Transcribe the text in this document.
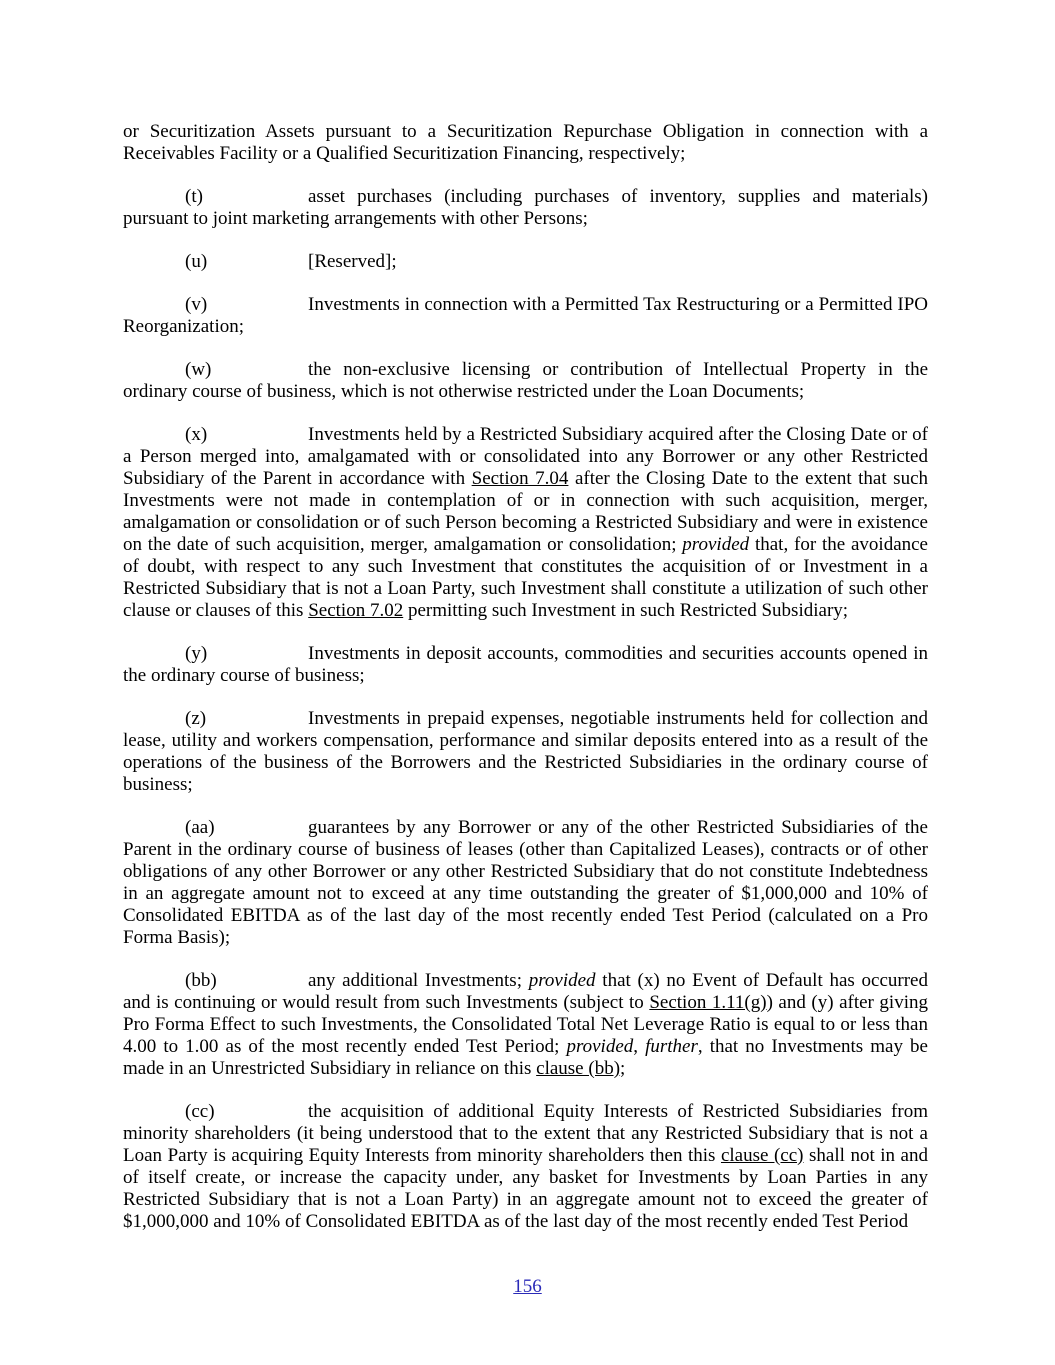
or Securitization Assets pursuant to a Securitization Repurchase Obligation in connection with a Receivables Facility or a Qualified Securitization Financing, respectively;

(t)	asset purchases (including purchases of inventory, supplies and materials) pursuant to joint marketing arrangements with other Persons;

(u)	[Reserved];

(v)	Investments in connection with a Permitted Tax Restructuring or a Permitted IPO Reorganization;

(w)	the non-exclusive licensing or contribution of Intellectual Property in the ordinary course of business, which is not otherwise restricted under the Loan Documents;

(x)	Investments held by a Restricted Subsidiary acquired after the Closing Date or of a Person merged into, amalgamated with or consolidated into any Borrower or any other Restricted Subsidiary of the Parent in accordance with Section 7.04 after the Closing Date to the extent that such Investments were not made in contemplation of or in connection with such acquisition, merger, amalgamation or consolidation or of such Person becoming a Restricted Subsidiary and were in existence on the date of such acquisition, merger, amalgamation or consolidation; provided that, for the avoidance of doubt, with respect to any such Investment that constitutes the acquisition of or Investment in a Restricted Subsidiary that is not a Loan Party, such Investment shall constitute a utilization of such other clause or clauses of this Section 7.02 permitting such Investment in such Restricted Subsidiary;

(y)	Investments in deposit accounts, commodities and securities accounts opened in the ordinary course of business;

(z)	Investments in prepaid expenses, negotiable instruments held for collection and lease, utility and workers compensation, performance and similar deposits entered into as a result of the operations of the business of the Borrowers and the Restricted Subsidiaries in the ordinary course of business;

(aa)	guarantees by any Borrower or any of the other Restricted Subsidiaries of the Parent in the ordinary course of business of leases (other than Capitalized Leases), contracts or of other obligations of any other Borrower or any other Restricted Subsidiary that do not constitute Indebtedness in an aggregate amount not to exceed at any time outstanding the greater of $1,000,000 and 10% of Consolidated EBITDA as of the last day of the most recently ended Test Period (calculated on a Pro Forma Basis);

(bb)	any additional Investments; provided that (x) no Event of Default has occurred and is continuing or would result from such Investments (subject to Section 1.11(g)) and (y) after giving Pro Forma Effect to such Investments, the Consolidated Total Net Leverage Ratio is equal to or less than 4.00 to 1.00 as of the most recently ended Test Period; provided, further, that no Investments may be made in an Unrestricted Subsidiary in reliance on this clause (bb);

(cc)	the acquisition of additional Equity Interests of Restricted Subsidiaries from minority shareholders (it being understood that to the extent that any Restricted Subsidiary that is not a Loan Party is acquiring Equity Interests from minority shareholders then this clause (cc) shall not in and of itself create, or increase the capacity under, any basket for Investments by Loan Parties in any Restricted Subsidiary that is not a Loan Party) in an aggregate amount not to exceed the greater of $1,000,000 and 10% of Consolidated EBITDA as of the last day of the most recently ended Test Period

156
